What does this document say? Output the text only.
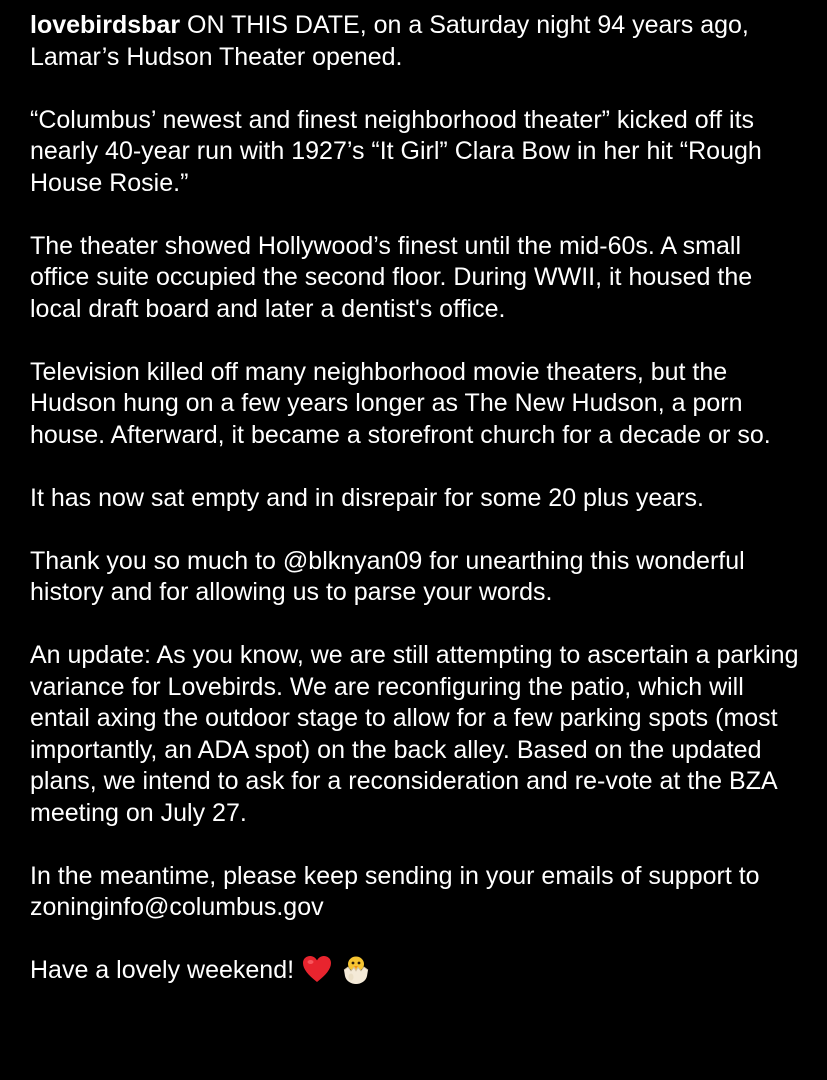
lovebirdsbar ON THIS DATE, on a Saturday night 94 years ago, Lamar’s Hudson Theater opened.

“Columbus’ newest and finest neighborhood theater” kicked off its nearly 40-year run with 1927’s “It Girl” Clara Bow in her hit “Rough House Rosie.”

The theater showed Hollywood’s finest until the mid-60s. A small office suite occupied the second floor. During WWII, it housed the local draft board and later a dentist's office.

Television killed off many neighborhood movie theaters, but the Hudson hung on a few years longer as The New Hudson, a porn house. Afterward, it became a storefront church for a decade or so.

It has now sat empty and in disrepair for some 20 plus years.

Thank you so much to @blknyan09 for unearthing this wonderful history and for allowing us to parse your words.

An update: As you know, we are still attempting to ascertain a parking variance for Lovebirds. We are reconfiguring the patio, which will entail axing the outdoor stage to allow for a few parking spots (most importantly, an ADA spot) on the back alley. Based on the updated plans, we intend to ask for a reconsideration and re-vote at the BZA meeting on July 27.

In the meantime, please keep sending in your emails of support to zoninginfo@columbus.gov

Have a lovely weekend!
